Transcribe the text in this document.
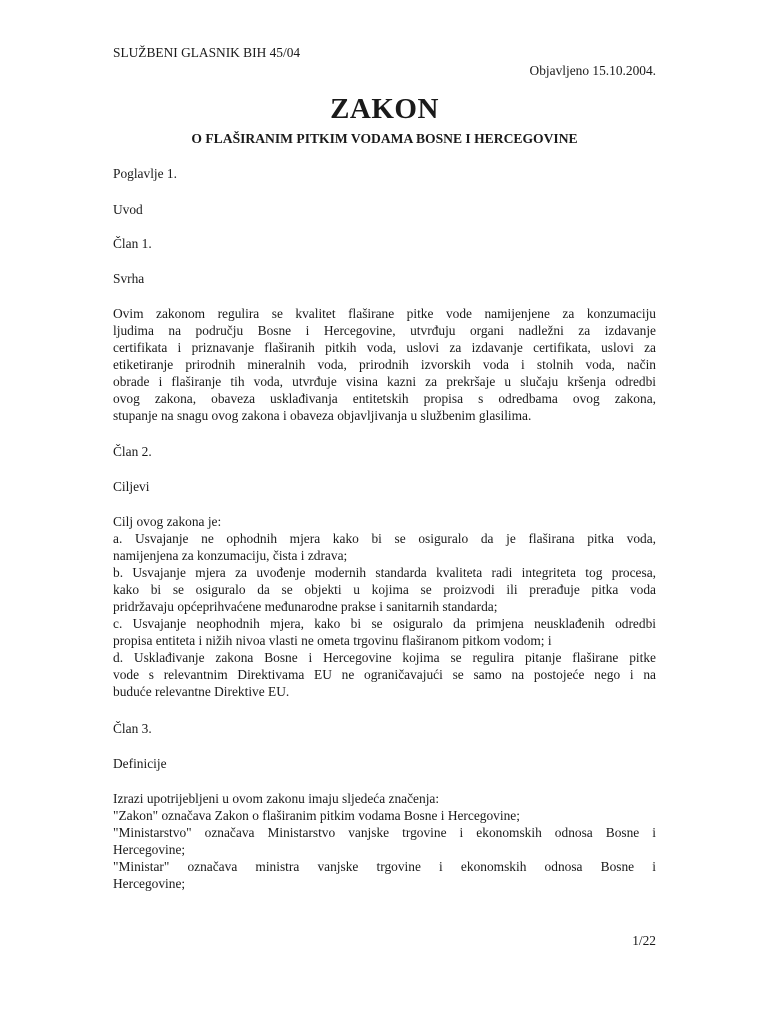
SLUŽBENI GLASNIK BIH 45/04
Objavljeno 15.10.2004.
ZAKON
O FLAŠIRANIM PITKIM VODAMA BOSNE I HERCEGOVINE
Poglavlje 1.
Uvod
Član 1.
Svrha
Ovim zakonom regulira se kvalitet flaširane pitke vode namijenjene za konzumaciju
ljudima na području Bosne i Hercegovine, utvrđuju organi nadležni za izdavanje
certifikata i priznavanje flaširanih pitkih voda, uslovi za izdavanje certifikata, uslovi za
etiketiranje prirodnih mineralnih voda, prirodnih izvorskih voda i stolnih voda, način
obrade i flaširanje tih voda, utvrđuje visina kazni za prekršaje u slučaju kršenja odredbi
ovog zakona, obaveza usklađivanja entitetskih propisa s odredbama ovog zakona,
stupanje na snagu ovog zakona i obaveza objavljivanja u službenim glasilima.
Član 2.
Ciljevi
Cilj ovog zakona je:
a. Usvajanje ne ophodnih mjera kako bi se osiguralo da je flaširana pitka voda,
namijenjena za konzumaciju, čista i zdrava;
b. Usvajanje mjera za uvođenje modernih standarda kvaliteta radi integriteta tog procesa,
kako bi se osiguralo da se objekti u kojima se proizvodi ili prerađuje pitka voda
pridržavaju općeprihvaćene međunarodne prakse i sanitarnih standarda;
c. Usvajanje neophodnih mjera, kako bi se osiguralo da primjena neusklađenih odredbi
propisa entiteta i nižih nivoa vlasti ne ometa trgovinu flaširanom pitkom vodom; i
d. Usklađivanje zakona Bosne i Hercegovine kojima se regulira pitanje flaširane pitke
vode s relevantnim Direktivama EU ne ograničavajući se samo na postojeće nego i na
buduće relevantne Direktive EU.
Član 3.
Definicije
Izrazi upotrijebljeni u ovom zakonu imaju sljedeća značenja:
"Zakon" označava Zakon o flaširanim pitkim vodama Bosne i Hercegovine;
"Ministarstvo" označava Ministarstvo vanjske trgovine i ekonomskih odnosa Bosne i
Hercegovine;
"Ministar" označava ministra vanjske trgovine i ekonomskih odnosa Bosne i
Hercegovine;
1/22
